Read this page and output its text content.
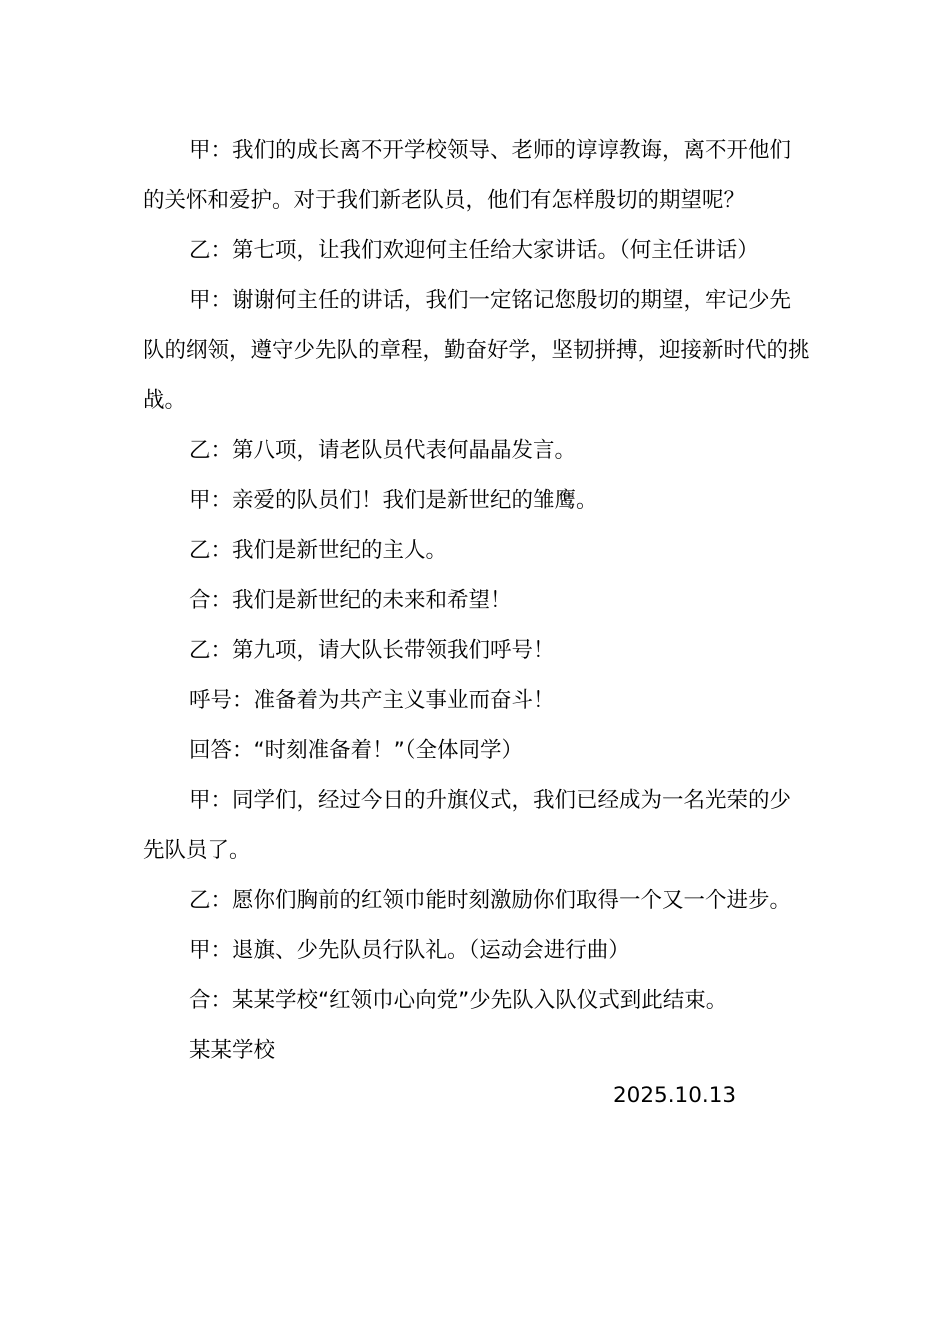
甲：我们的成长离不开学校领导、老师的谆谆教诲，离不开他们的关怀和爱护。对于我们新老队员，他们有怎样殷切的期望呢？

乙：第七项，让我们欢迎何主任给大家讲话。（何主任讲话）

甲：谢谢何主任的讲话，我们一定铭记您殷切的期望，牢记少先队的纲领，遵守少先队的章程，勤奋好学，坚韧拼搏，迎接新时代的挑战。

乙：第八项，请老队员代表何晶晶发言。

甲：亲爱的队员们！我们是新世纪的雏鹰。

乙：我们是新世纪的主人。

合：我们是新世纪的未来和希望！

乙：第九项，请大队长带领我们呼号！

呼号：准备着为共产主义事业而奋斗！

回答：“时刻准备着！”（全体同学）

甲：同学们，经过今日的升旗仪式，我们已经成为一名光荣的少先队员了。

乙：愿你们胸前的红领巾能时刻激励你们取得一个又一个进步。

甲：退旗、少先队员行队礼。（运动会进行曲）

合：某某学校“红领巾心向党”少先队入队仪式到此结束。

某某学校

2025.10.13
